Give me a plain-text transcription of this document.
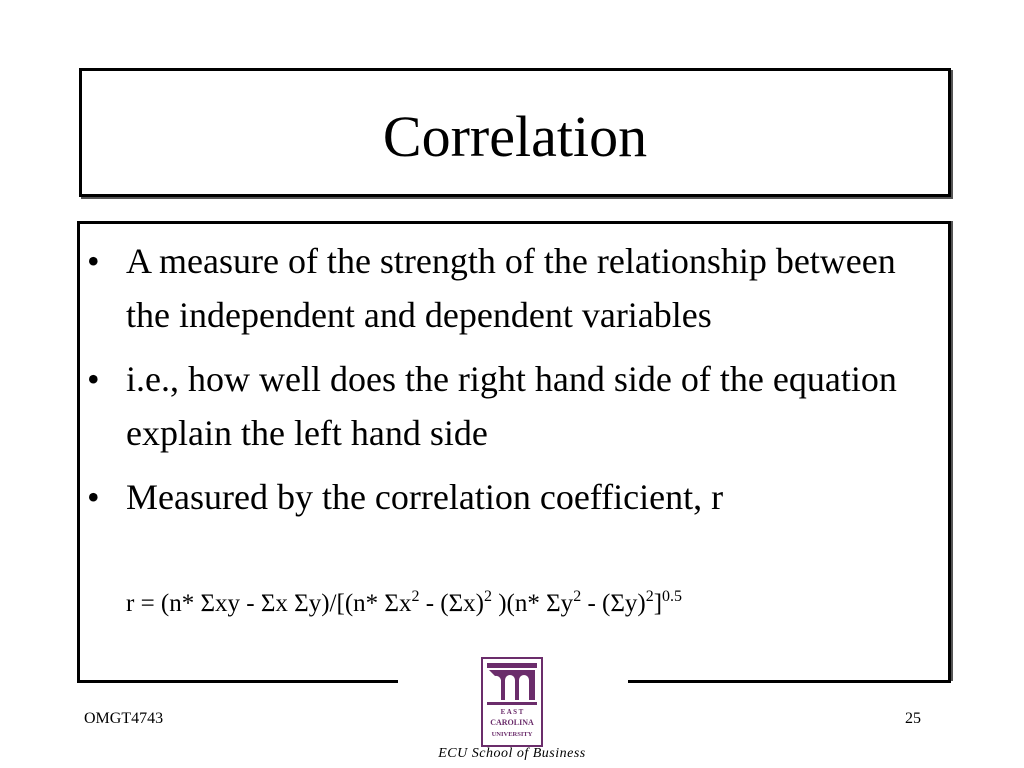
Correlation
• A measure of the strength of the relationship between the independent and dependent variables
• i.e., how well does the right hand side of the equation explain the left hand side
• Measured by the correlation coefficient, r
r = (n* Σxy - Σx Σy)/[(n* $\Sigma x^2 - (\Sigma x)^2$ )(n* $\Sigma y^2 - (\Sigma y)^2]^{0.5}$
OMGT4743	25
E A S T
CAROLINA
UNIVERSITY
ECU School of Business
